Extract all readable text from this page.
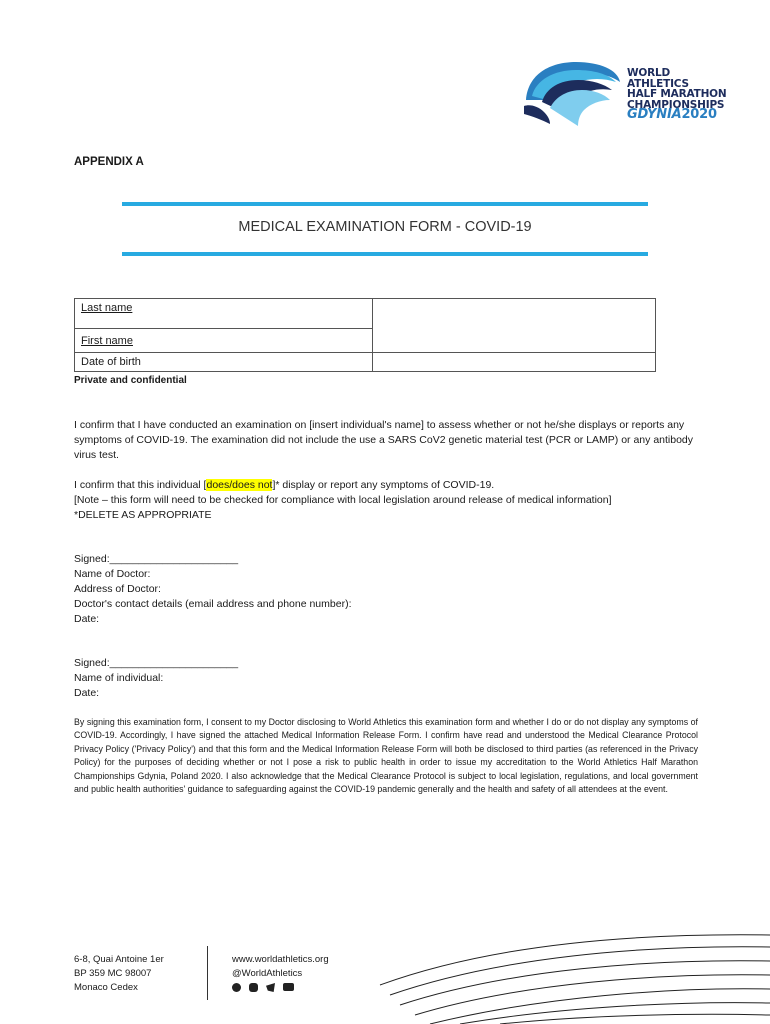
WORLD ATHLETICS
HALF MARATHON
CHAMPIONSHIPS
GDYNIA2020
APPENDIX A
MEDICAL EXAMINATION FORM - COVID-19
Last name	
First name	
Date of birth	
Private and confidential
I confirm that I have conducted an examination on [insert individual's name] to assess whether or not he/she displays or reports any symptoms of COVID-19. The examination did not include the use a SARS CoV2 genetic material test (PCR or LAMP) or any antibody virus test.
I confirm that this individual [does/does not]* display or report any symptoms of COVID-19.
[Note – this form will need to be checked for compliance with local legislation around release of medical information]
*DELETE AS APPROPRIATE
Signed:______________________
Name of Doctor:
Address of Doctor:
Doctor's contact details (email address and phone number):
Date:
Signed:______________________
Name of individual:
Date:
By signing this examination form, I consent to my Doctor disclosing to World Athletics this examination form and whether I do or do not display any symptoms of COVID-19. Accordingly, I have signed the attached Medical Information Release Form. I confirm have read and understood the Medical Clearance Protocol Privacy Policy ('Privacy Policy') and that this form and the Medical Information Release Form will both be disclosed to third parties (as referenced in the Privacy Policy) for the purposes of deciding whether or not I pose a risk to public health in order to issue my accreditation to the World Athletics Half Marathon Championships Gdynia, Poland 2020. I also acknowledge that the Medical Clearance Protocol is subject to local legislation, regulations, and local government and public health authorities' guidance to safeguarding against the COVID-19 pandemic generally and the health and safety of all attendees at the event.
6-8, Quai Antoine 1er
BP 359 MC 98007
Monaco Cedex
www.worldathletics.org
@WorldAthletics
